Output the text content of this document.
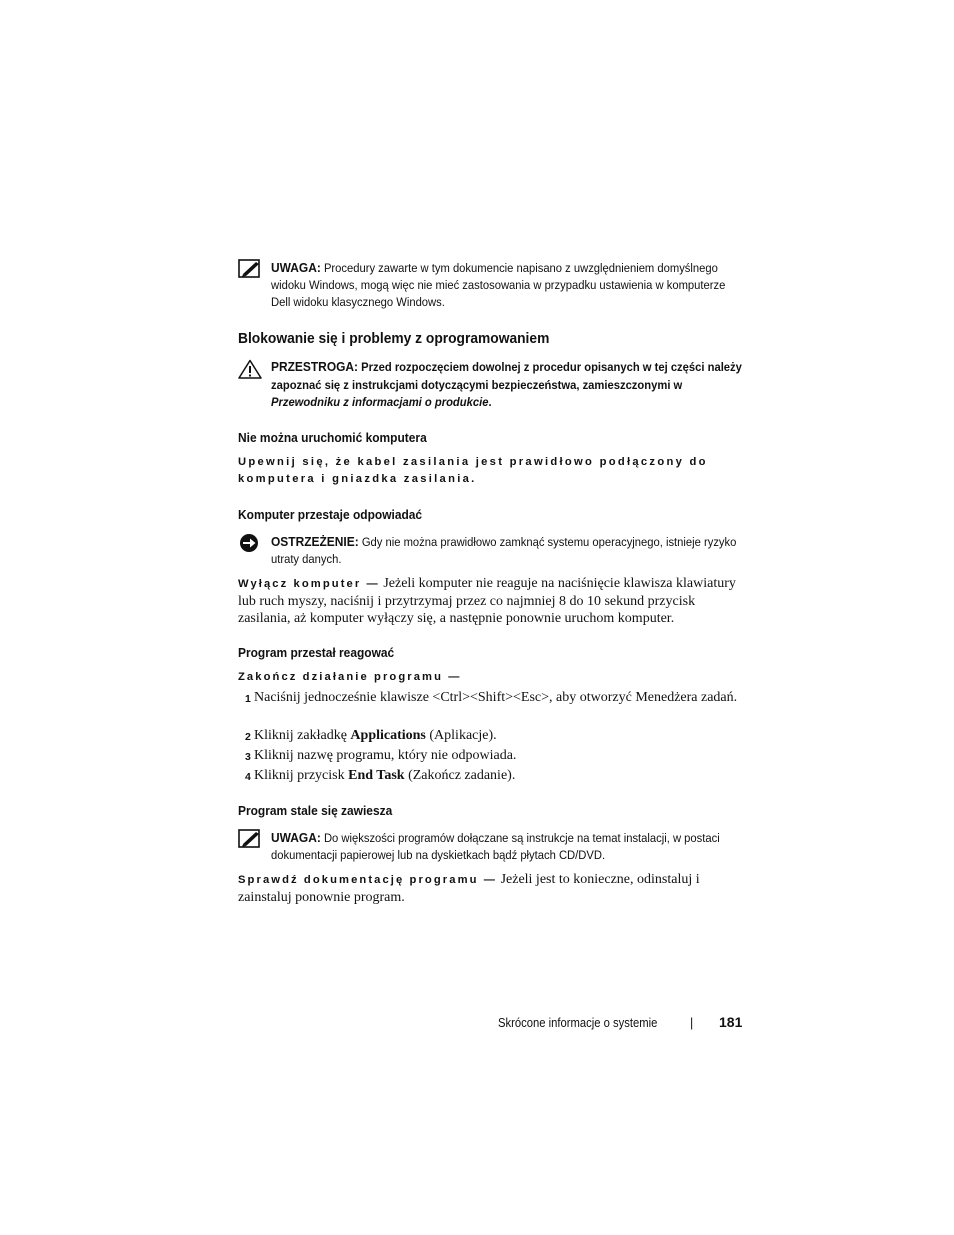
UWAGA: Procedury zawarte w tym dokumencie napisano z uwzględnieniem domyślnego widoku Windows, mogą więc nie mieć zastosowania w przypadku ustawienia w komputerze Dell widoku klasycznego Windows.
Blokowanie się i problemy z oprogramowaniem
PRZESTROGA: Przed rozpoczęciem dowolnej z procedur opisanych w tej części należy zapoznać się z instrukcjami dotyczącymi bezpieczeństwa, zamieszczonymi w Przewodniku z informacjami o produkcie.
Nie można uruchomić komputera
Upewnij się, że kabel zasilania jest prawidłowo podłączony do komputera i gniazdka zasilania.
Komputer przestaje odpowiadać
OSTRZEŻENIE: Gdy nie można prawidłowo zamknąć systemu operacyjnego, istnieje ryzyko utraty danych.
Wyłącz komputer — Jeżeli komputer nie reaguje na naciśnięcie klawisza klawiatury lub ruch myszy, naciśnij i przytrzymaj przez co najmniej 8 do 10 sekund przycisk zasilania, aż komputer wyłączy się, a następnie ponownie uruchom komputer.
Program przestał reagować
Zakończ działanie programu —
1 Naciśnij jednocześnie klawisze <Ctrl><Shift><Esc>, aby otworzyć Menedżera zadań.
2 Kliknij zakładkę Applications (Aplikacje).
3 Kliknij nazwę programu, który nie odpowiada.
4 Kliknij przycisk End Task (Zakończ zadanie).
Program stale się zawiesza
UWAGA: Do większości programów dołączane są instrukcje na temat instalacji, w postaci dokumentacji papierowej lub na dyskietkach bądź płytach CD/DVD.
Sprawdź dokumentację programu — Jeżeli jest to konieczne, odinstaluj i zainstaluj ponownie program.
Skrócone informacje o systemie	| 181
